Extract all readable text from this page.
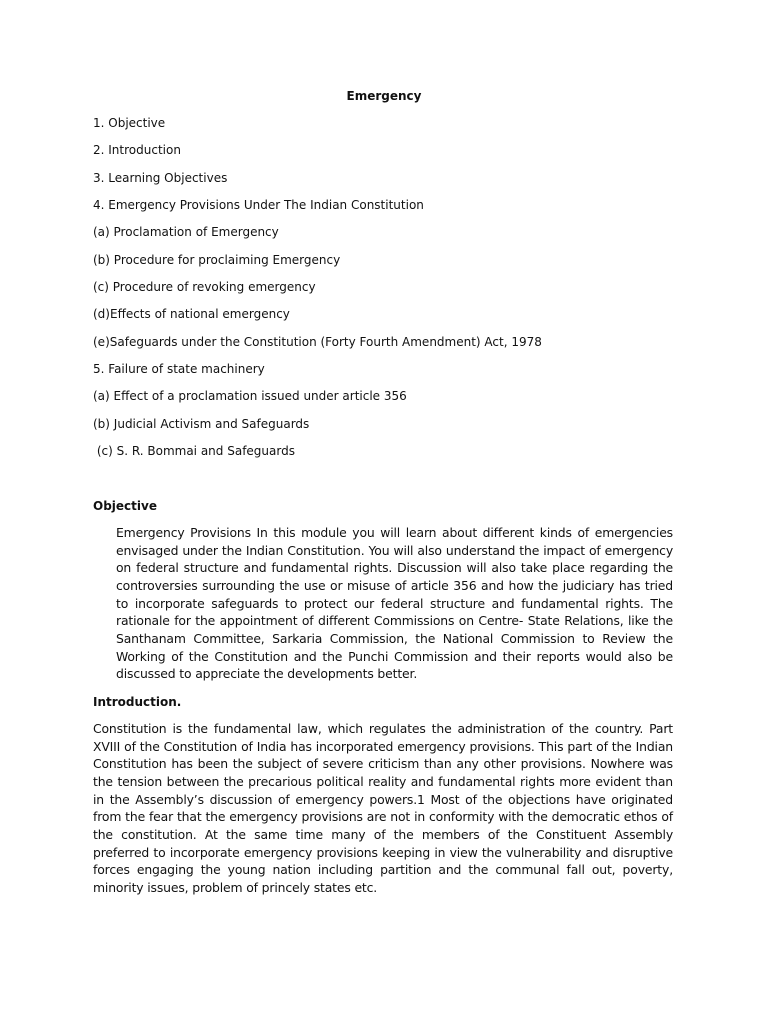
Emergency
1. Objective
2. Introduction
3. Learning Objectives
4. Emergency Provisions Under The Indian Constitution
(a) Proclamation of Emergency
(b) Procedure for proclaiming Emergency
(c) Procedure of revoking emergency
(d)Effects of national emergency
(e)Safeguards under the Constitution (Forty Fourth Amendment) Act, 1978
5. Failure of state machinery
(a) Effect of a proclamation issued under article 356
(b) Judicial Activism and Safeguards
(c) S. R. Bommai and Safeguards
Objective

Emergency Provisions In this module you will learn about different kinds of emergencies envisaged under the Indian Constitution. You will also understand the impact of emergency on federal structure and fundamental rights. Discussion will also take place regarding the controversies surrounding the use or misuse of article 356 and how the judiciary has tried to incorporate safeguards to protect our federal structure and fundamental rights. The rationale for the appointment of different Commissions on Centre- State Relations, like the Santhanam Committee, Sarkaria Commission, the National Commission to Review the Working of the Constitution and the Punchi Commission and their reports would also be discussed to appreciate the developments better.

Introduction.

Constitution is the fundamental law, which regulates the administration of the country. Part XVIII of the Constitution of India has incorporated emergency provisions. This part of the Indian Constitution has been the subject of severe criticism than any other provisions. Nowhere was the tension between the precarious political reality and fundamental rights more evident than in the Assembly’s discussion of emergency powers.1 Most of the objections have originated from the fear that the emergency provisions are not in conformity with the democratic ethos of the constitution. At the same time many of the members of the Constituent Assembly preferred to incorporate emergency provisions keeping in view the vulnerability and disruptive forces engaging the young nation including partition and the communal fall out, poverty, minority issues, problem of princely states etc.
